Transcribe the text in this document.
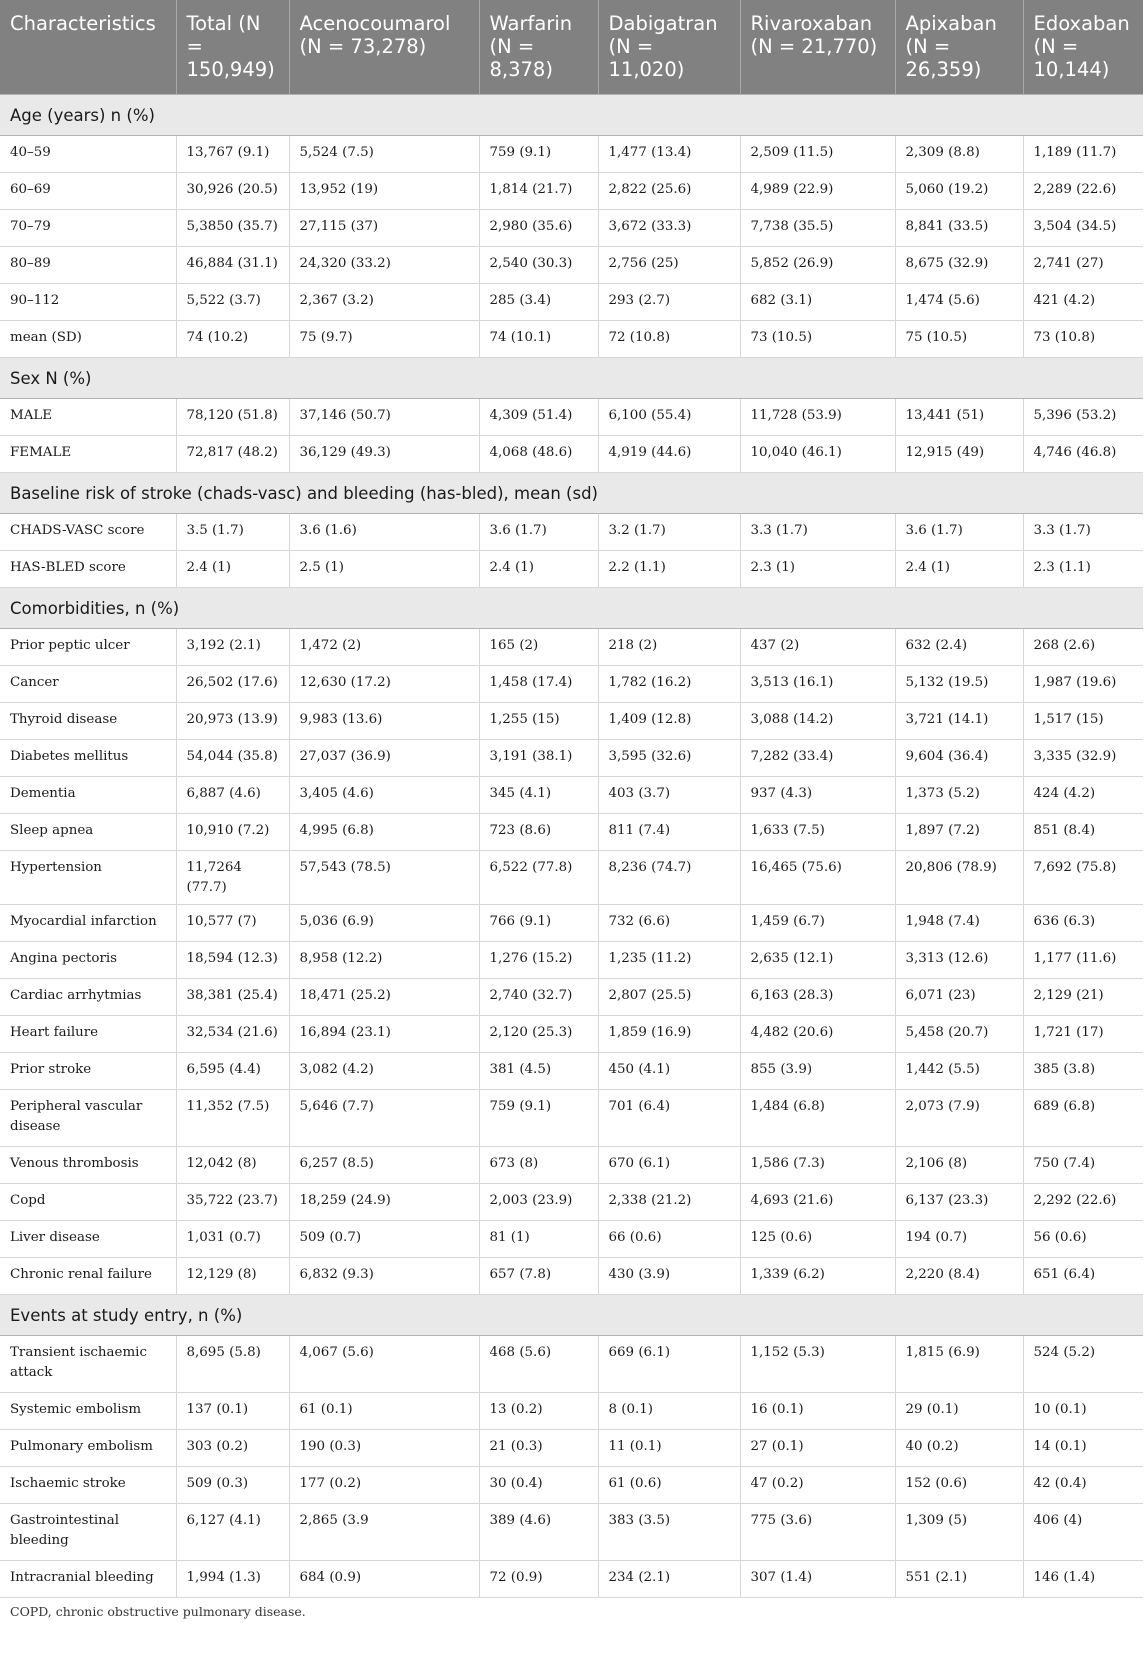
Characteristics	Total (N = 150,949)	Acenocoumarol (N = 73,278)	Warfarin (N = 8,378)	Dabigatran (N = 11,020)	Rivaroxaban (N = 21,770)	Apixaban (N = 26,359)	Edoxaban (N = 10,144)
Age (years) n (%)							
40–59	13,767 (9.1)	5,524 (7.5)	759 (9.1)	1,477 (13.4)	2,509 (11.5)	2,309 (8.8)	1,189 (11.7)
60–69	30,926 (20.5)	13,952 (19)	1,814 (21.7)	2,822 (25.6)	4,989 (22.9)	5,060 (19.2)	2,289 (22.6)
70–79	5,3850 (35.7)	27,115 (37)	2,980 (35.6)	3,672 (33.3)	7,738 (35.5)	8,841 (33.5)	3,504 (34.5)
80–89	46,884 (31.1)	24,320 (33.2)	2,540 (30.3)	2,756 (25)	5,852 (26.9)	8,675 (32.9)	2,741 (27)
90–112	5,522 (3.7)	2,367 (3.2)	285 (3.4)	293 (2.7)	682 (3.1)	1,474 (5.6)	421 (4.2)
mean (SD)	74 (10.2)	75 (9.7)	74 (10.1)	72 (10.8)	73 (10.5)	75 (10.5)	73 (10.8)
Sex N (%)							
MALE	78,120 (51.8)	37,146 (50.7)	4,309 (51.4)	6,100 (55.4)	11,728 (53.9)	13,441 (51)	5,396 (53.2)
FEMALE	72,817 (48.2)	36,129 (49.3)	4,068 (48.6)	4,919 (44.6)	10,040 (46.1)	12,915 (49)	4,746 (46.8)
Baseline risk of stroke (chads-vasc) and bleeding (has-bled), mean (sd)							
CHADS-VASC score	3.5 (1.7)	3.6 (1.6)	3.6 (1.7)	3.2 (1.7)	3.3 (1.7)	3.6 (1.7)	3.3 (1.7)
HAS-BLED score	2.4 (1)	2.5 (1)	2.4 (1)	2.2 (1.1)	2.3 (1)	2.4 (1)	2.3 (1.1)
Comorbidities, n (%)							
Prior peptic ulcer	3,192 (2.1)	1,472 (2)	165 (2)	218 (2)	437 (2)	632 (2.4)	268 (2.6)
Cancer	26,502 (17.6)	12,630 (17.2)	1,458 (17.4)	1,782 (16.2)	3,513 (16.1)	5,132 (19.5)	1,987 (19.6)
Thyroid disease	20,973 (13.9)	9,983 (13.6)	1,255 (15)	1,409 (12.8)	3,088 (14.2)	3,721 (14.1)	1,517 (15)
Diabetes mellitus	54,044 (35.8)	27,037 (36.9)	3,191 (38.1)	3,595 (32.6)	7,282 (33.4)	9,604 (36.4)	3,335 (32.9)
Dementia	6,887 (4.6)	3,405 (4.6)	345 (4.1)	403 (3.7)	937 (4.3)	1,373 (5.2)	424 (4.2)
Sleep apnea	10,910 (7.2)	4,995 (6.8)	723 (8.6)	811 (7.4)	1,633 (7.5)	1,897 (7.2)	851 (8.4)
Hypertension	11,7264 (77.7)	57,543 (78.5)	6,522 (77.8)	8,236 (74.7)	16,465 (75.6)	20,806 (78.9)	7,692 (75.8)
Myocardial infarction	10,577 (7)	5,036 (6.9)	766 (9.1)	732 (6.6)	1,459 (6.7)	1,948 (7.4)	636 (6.3)
Angina pectoris	18,594 (12.3)	8,958 (12.2)	1,276 (15.2)	1,235 (11.2)	2,635 (12.1)	3,313 (12.6)	1,177 (11.6)
Cardiac arrhytmias	38,381 (25.4)	18,471 (25.2)	2,740 (32.7)	2,807 (25.5)	6,163 (28.3)	6,071 (23)	2,129 (21)
Heart failure	32,534 (21.6)	16,894 (23.1)	2,120 (25.3)	1,859 (16.9)	4,482 (20.6)	5,458 (20.7)	1,721 (17)
Prior stroke	6,595 (4.4)	3,082 (4.2)	381 (4.5)	450 (4.1)	855 (3.9)	1,442 (5.5)	385 (3.8)
Peripheral vascular disease	11,352 (7.5)	5,646 (7.7)	759 (9.1)	701 (6.4)	1,484 (6.8)	2,073 (7.9)	689 (6.8)
Venous thrombosis	12,042 (8)	6,257 (8.5)	673 (8)	670 (6.1)	1,586 (7.3)	2,106 (8)	750 (7.4)
Copd	35,722 (23.7)	18,259 (24.9)	2,003 (23.9)	2,338 (21.2)	4,693 (21.6)	6,137 (23.3)	2,292 (22.6)
Liver disease	1,031 (0.7)	509 (0.7)	81 (1)	66 (0.6)	125 (0.6)	194 (0.7)	56 (0.6)
Chronic renal failure	12,129 (8)	6,832 (9.3)	657 (7.8)	430 (3.9)	1,339 (6.2)	2,220 (8.4)	651 (6.4)
Events at study entry, n (%)							
Transient ischaemic attack	8,695 (5.8)	4,067 (5.6)	468 (5.6)	669 (6.1)	1,152 (5.3)	1,815 (6.9)	524 (5.2)
Systemic embolism	137 (0.1)	61 (0.1)	13 (0.2)	8 (0.1)	16 (0.1)	29 (0.1)	10 (0.1)
Pulmonary embolism	303 (0.2)	190 (0.3)	21 (0.3)	11 (0.1)	27 (0.1)	40 (0.2)	14 (0.1)
Ischaemic stroke	509 (0.3)	177 (0.2)	30 (0.4)	61 (0.6)	47 (0.2)	152 (0.6)	42 (0.4)
Gastrointestinal bleeding	6,127 (4.1)	2,865 (3.9	389 (4.6)	383 (3.5)	775 (3.6)	1,309 (5)	406 (4)
Intracranial bleeding	1,994 (1.3)	684 (0.9)	72 (0.9)	234 (2.1)	307 (1.4)	551 (2.1)	146 (1.4)
COPD, chronic obstructive pulmonary disease.
